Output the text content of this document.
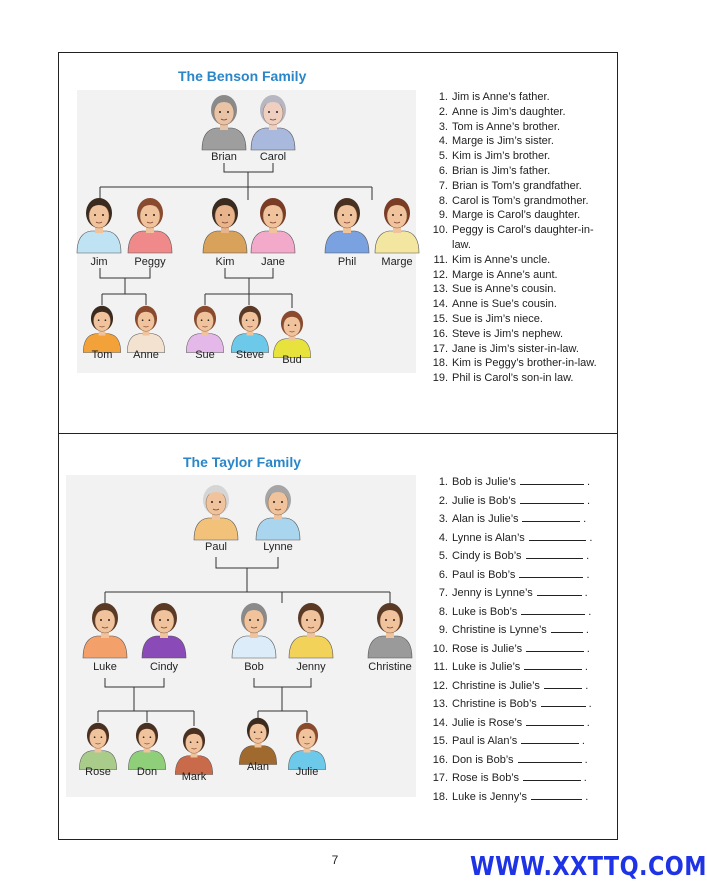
The Benson Family
The Taylor Family
Brian	Carol
Jim	Peggy	Kim	Jane	Phil	Marge
Tom	Anne	Sue	Steve	Bud
Paul	Lynne
Luke	Cindy	Bob	Jenny	Christine
Rose	Don	Mark
Alan	Julie
1. Jim is Anne’s father.
2. Anne is Jim’s daughter.
3. Tom is Anne’s brother.
4. Marge is Jim’s sister.
5. Kim is Jim’s brother.
6. Brian is Jim’s father.
7. Brian is Tom’s grandfather.
8. Carol is Tom’s grandmother.
9. Marge is Carol’s daughter.
10. Peggy is Carol’s daughter-in-law.
11. Kim is Anne’s uncle.
12. Marge is Anne’s aunt.
13. Sue is Anne’s cousin.
14. Anne is Sue’s cousin.
15. Sue is Jim’s niece.
16. Steve is Jim’s nephew.
17. Jane is Jim’s sister-in-law.
18. Kim is Peggy’s brother-in-law.
19. Phil is Carol’s son-in law.
1. Bob is Julie’s	.
2. Julie is Bob’s	.
3. Alan is Julie’s	.
4. Lynne is Alan’s	.
5. Cindy is Bob’s	.
6. Paul is Bob’s	.
7. Jenny is Lynne’s	.
8. Luke is Bob’s	.
9. Christine is Lynne’s	.
10. Rose is Julie’s	.
11. Luke is Julie’s	.
12. Christine is Julie’s	.
13. Christine is Bob’s	.
14. Julie is Rose’s	.
15. Paul is Alan’s	.
16. Don is Bob’s	.
17. Rose is Bob’s	.
18. Luke is Jenny’s	.
7	WWW.XXTTQ.COM
